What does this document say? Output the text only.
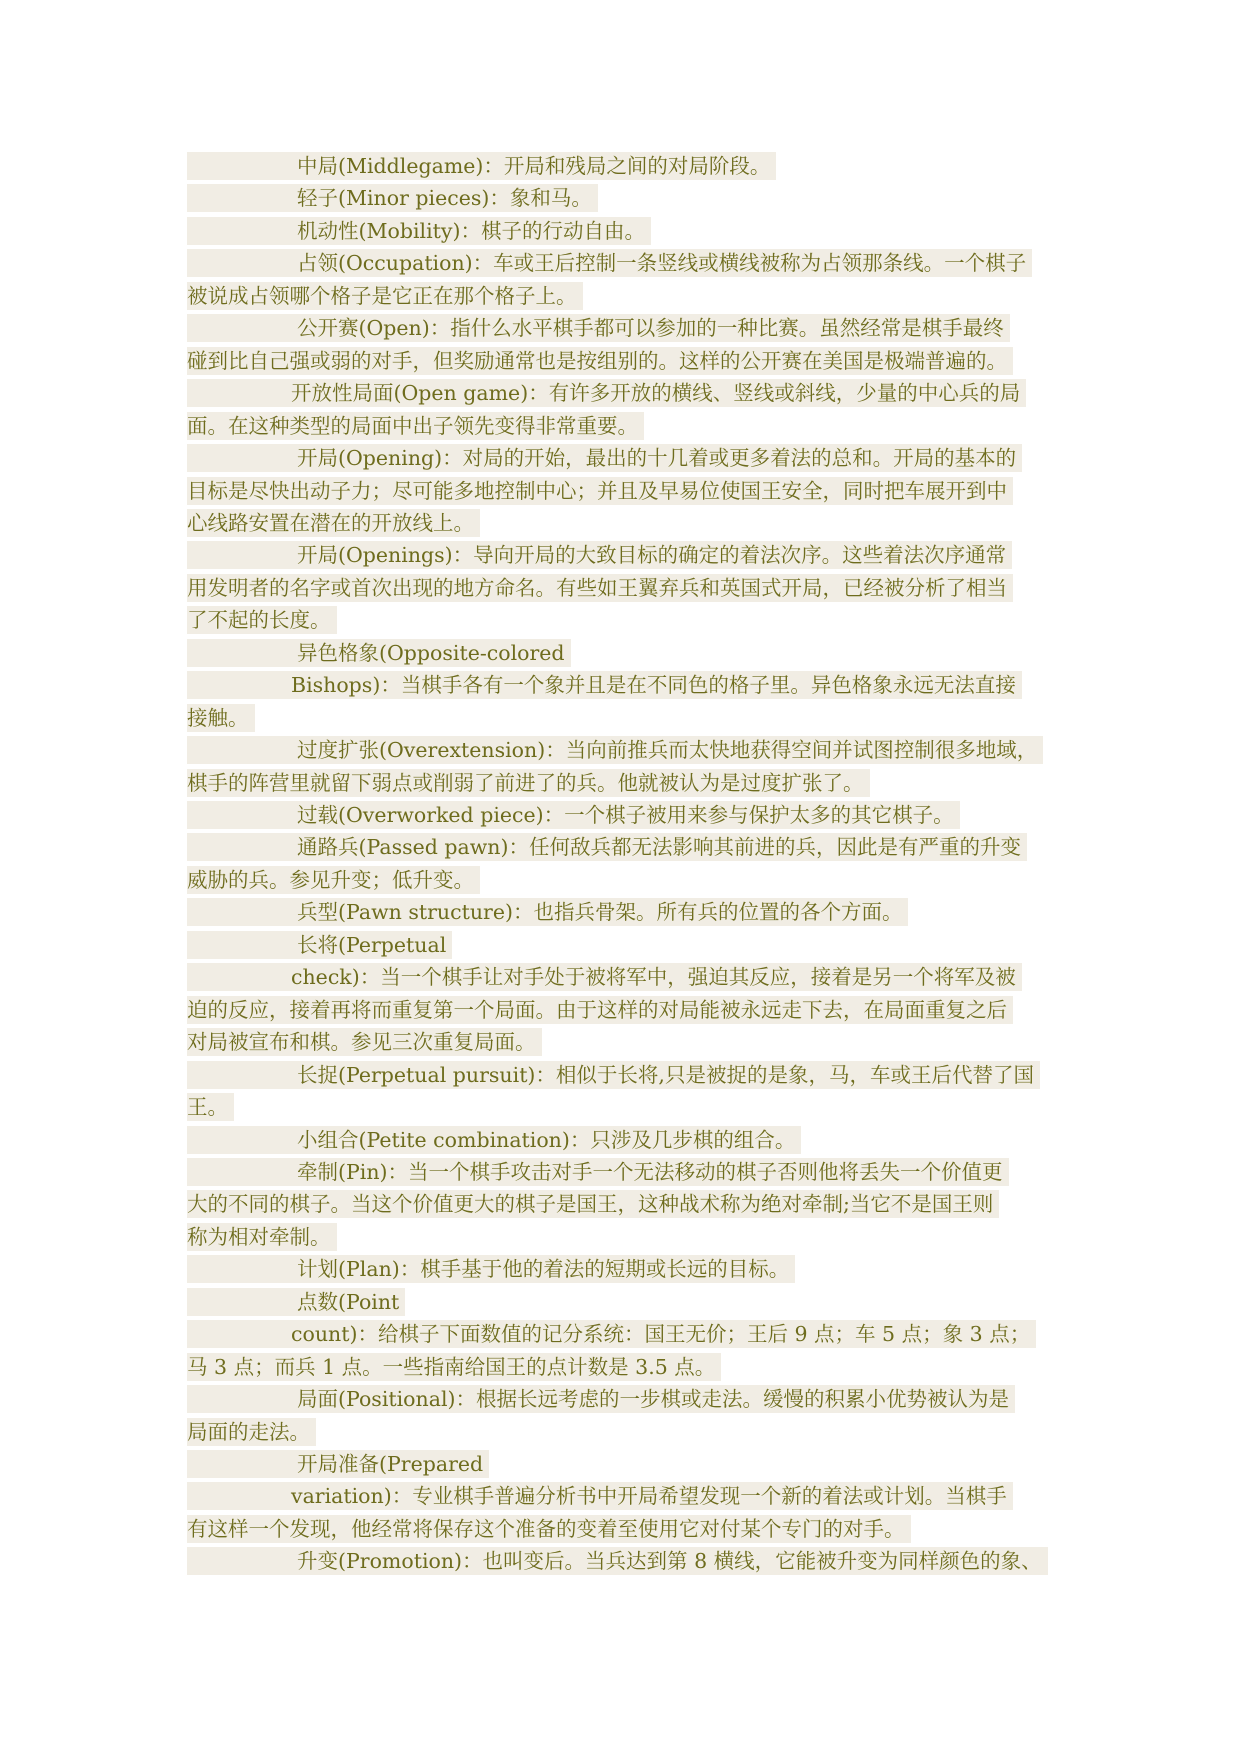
中局(Middlegame)：开局和残局之间的对局阶段。
轻子(Minor pieces)：象和马。
机动性(Mobility)：棋子的行动自由。
占领(Occupation)：车或王后控制一条竖线或横线被称为占领那条线。一个棋子
被说成占领哪个格子是它正在那个格子上。
公开赛(Open)：指什么水平棋手都可以参加的一种比赛。虽然经常是棋手最终
碰到比自己强或弱的对手，但奖励通常也是按组别的。这样的公开赛在美国是极端普遍的。
开放性局面(Open game)：有许多开放的横线、竖线或斜线，少量的中心兵的局
面。在这种类型的局面中出子领先变得非常重要。
开局(Opening)：对局的开始，最出的十几着或更多着法的总和。开局的基本的
目标是尽快出动子力；尽可能多地控制中心；并且及早易位使国王安全，同时把车展开到中
心线路安置在潜在的开放线上。
开局(Openings)：导向开局的大致目标的确定的着法次序。这些着法次序通常
用发明者的名字或首次出现的地方命名。有些如王翼弃兵和英国式开局，已经被分析了相当
了不起的长度。
异色格象(Opposite-colored
Bishops)：当棋手各有一个象并且是在不同色的格子里。异色格象永远无法直接
接触。
过度扩张(Overextension)：当向前推兵而太快地获得空间并试图控制很多地域，
棋手的阵营里就留下弱点或削弱了前进了的兵。他就被认为是过度扩张了。
过载(Overworked piece)：一个棋子被用来参与保护太多的其它棋子。
通路兵(Passed pawn)：任何敌兵都无法影响其前进的兵，因此是有严重的升变
威胁的兵。参见升变；低升变。
兵型(Pawn structure)：也指兵骨架。所有兵的位置的各个方面。
长将(Perpetual
check)：当一个棋手让对手处于被将军中，强迫其反应，接着是另一个将军及被
迫的反应，接着再将而重复第一个局面。由于这样的对局能被永远走下去，在局面重复之后
对局被宣布和棋。参见三次重复局面。
长捉(Perpetual pursuit)：相似于长将,只是被捉的是象，马，车或王后代替了国
王。
小组合(Petite combination)：只涉及几步棋的组合。
牵制(Pin)：当一个棋手攻击对手一个无法移动的棋子否则他将丢失一个价值更
大的不同的棋子。当这个价值更大的棋子是国王，这种战术称为绝对牵制;当它不是国王则
称为相对牵制。
计划(Plan)：棋手基于他的着法的短期或长远的目标。
点数(Point
count)：给棋子下面数值的记分系统：国王无价；王后 9 点；车 5 点；象 3 点；
马 3 点；而兵 1 点。一些指南给国王的点计数是 3.5 点。
局面(Positional)：根据长远考虑的一步棋或走法。缓慢的积累小优势被认为是
局面的走法。
开局准备(Prepared
variation)：专业棋手普遍分析书中开局希望发现一个新的着法或计划。当棋手
有这样一个发现，他经常将保存这个准备的变着至使用它对付某个专门的对手。
升变(Promotion)：也叫变后。当兵达到第 8 横线，它能被升变为同样颜色的象、
